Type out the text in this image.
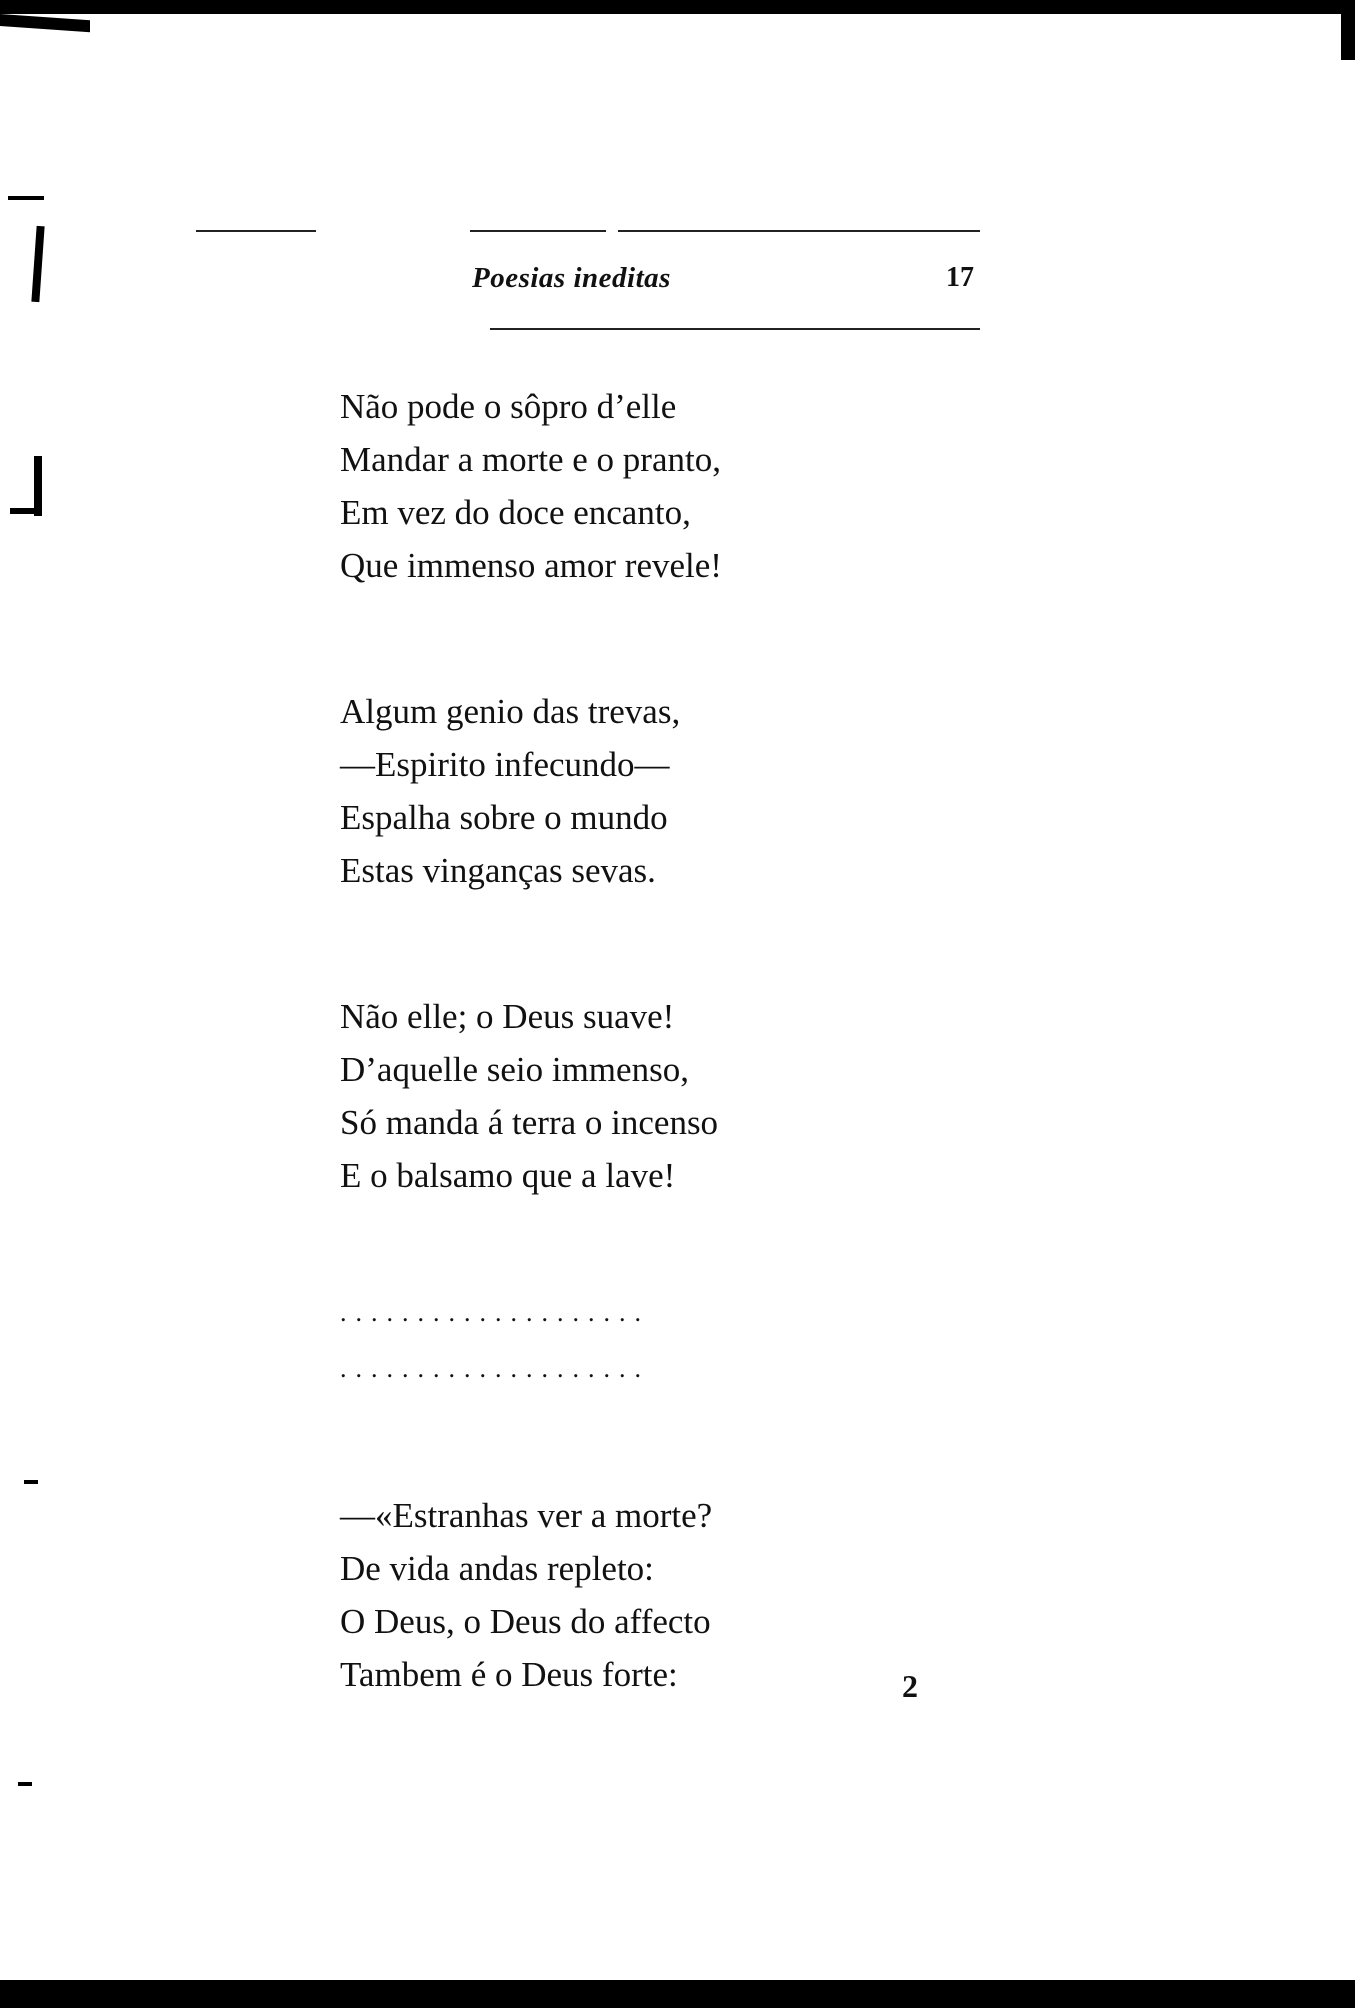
Poesias ineditas	17
Não pode o sôpro d’elle
Mandar a morte e o pranto,
Em vez do doce encanto,
Que immenso amor revele!
Algum genio das trevas,
—Espirito infecundo—
Espalha sobre o mundo
Estas vinganças sevas.
Não elle; o Deus suave!
D’aquelle seio immenso,
Só manda á terra o incenso
E o balsamo que a lave!
....................
....................
—«Estranhas ver a morte?
De vida andas repleto:
O Deus, o Deus do affecto
Tambem é o Deus forte:	2
